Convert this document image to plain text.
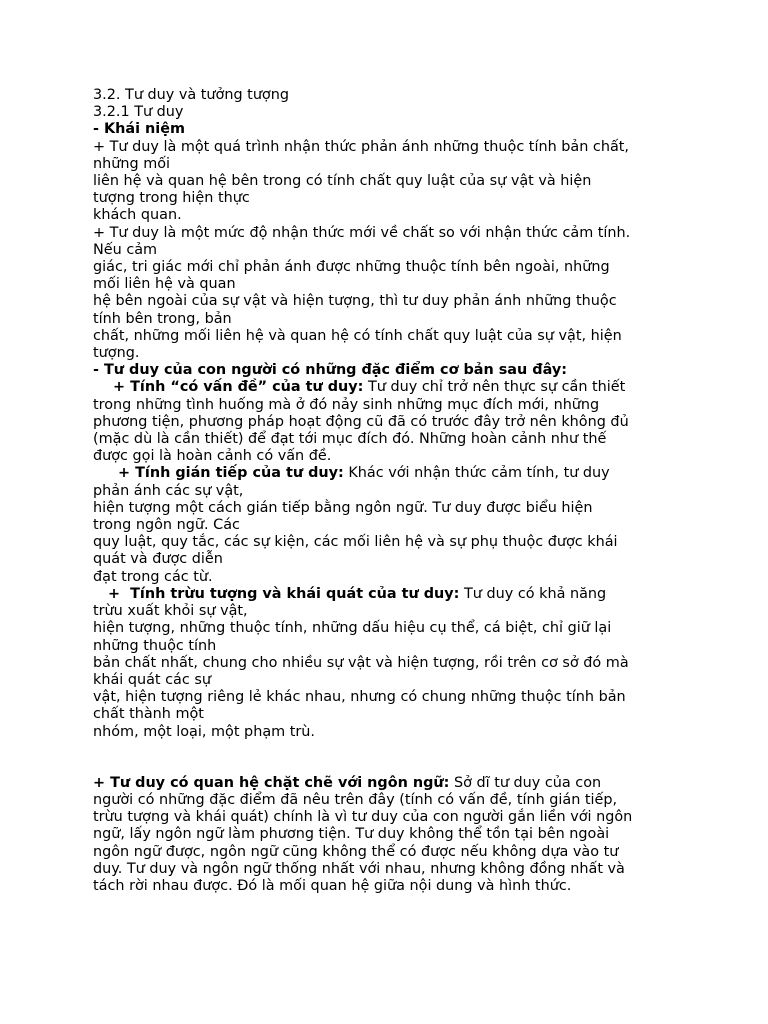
3.2. Tư duy và tưởng tượng
3.2.1 Tư duy
- Khái niệm
+ Tư duy là một quá trình nhận thức phản ánh những thuộc tính bản chất,
những mối
liên hệ và quan hệ bên trong có tính chất quy luật của sự vật và hiện
tượng trong hiện thực
khách quan.
+ Tư duy là một mức độ nhận thức mới về chất so với nhận thức cảm tính.
Nếu cảm
giác, tri giác mới chỉ phản ánh được những thuộc tính bên ngoài, những
mối liên hệ và quan
hệ bên ngoài của sự vật và hiện tượng, thì tư duy phản ánh những thuộc
tính bên trong, bản
chất, những mối liên hệ và quan hệ có tính chất quy luật của sự vật, hiện
tượng.
- Tư duy của con người có những đặc điểm cơ bản sau đây:
+ Tính “có vấn đề” của tư duy: Tư duy chỉ trở nên thực sự cần thiết
trong những tình huống mà ở đó nảy sinh những mục đích mới, những
phương tiện, phương pháp hoạt động cũ đã có trước đây trở nên không đủ
(mặc dù là cần thiết) để đạt tới mục đích đó. Những hoàn cảnh như thế
được gọi là hoàn cảnh có vấn đề.
+ Tính gián tiếp của tư duy: Khác với nhận thức cảm tính, tư duy
phản ánh các sự vật,
hiện tượng một cách gián tiếp bằng ngôn ngữ. Tư duy được biểu hiện
trong ngôn ngữ. Các
quy luật, quy tắc, các sự kiện, các mối liên hệ và sự phụ thuộc được khái
quát và được diễn
đạt trong các từ.
+  Tính trừu tượng và khái quát của tư duy: Tư duy có khả năng
trừu xuất khỏi sự vật,
hiện tượng, những thuộc tính, những dấu hiệu cụ thể, cá biệt, chỉ giữ lại
những thuộc tính
bản chất nhất, chung cho nhiều sự vật và hiện tượng, rồi trên cơ sở đó mà
khái quát các sự
vật, hiện tượng riêng lẻ khác nhau, nhưng có chung những thuộc tính bản
chất thành một
nhóm, một loại, một phạm trù.
+ Tư duy có quan hệ chặt chẽ với ngôn ngữ: Sở dĩ tư duy của con
người có những đặc điểm đã nêu trên đây (tính có vấn đề, tính gián tiếp,
trừu tượng và khái quát) chính là vì tư duy của con người gắn liền với ngôn
ngữ, lấy ngôn ngữ làm phương tiện. Tư duy không thể tồn tại bên ngoài
ngôn ngữ được, ngôn ngữ cũng không thể có được nếu không dựa vào tư
duy. Tư duy và ngôn ngữ thống nhất với nhau, nhưng không đồng nhất và
tách rời nhau được. Đó là mối quan hệ giữa nội dung và hình thức.
